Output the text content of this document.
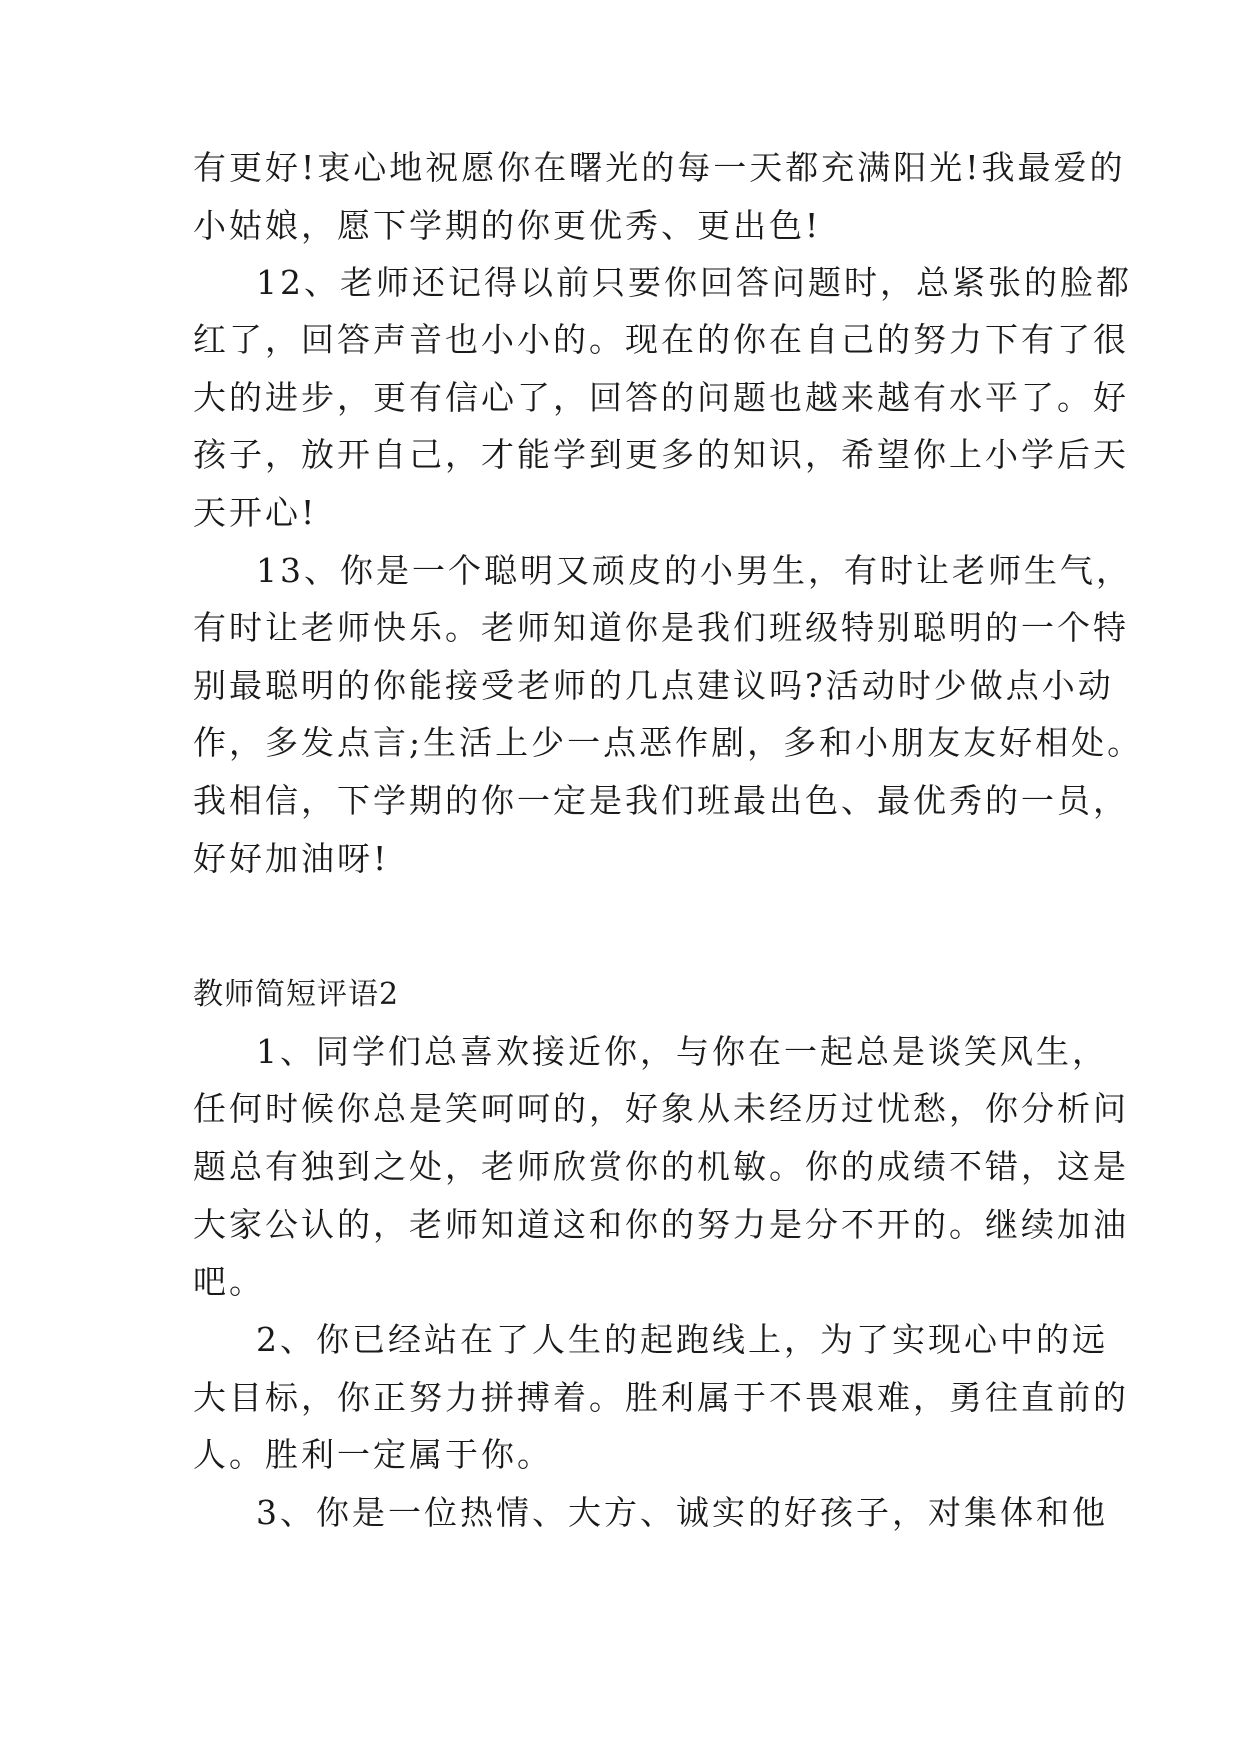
有更好!衷心地祝愿你在曙光的每一天都充满阳光!我最爱的
小姑娘，愿下学期的你更优秀、更出色!
12、老师还记得以前只要你回答问题时，总紧张的脸都
红了，回答声音也小小的。现在的你在自己的努力下有了很
大的进步，更有信心了，回答的问题也越来越有水平了。好
孩子，放开自己，才能学到更多的知识，希望你上小学后天
天开心!
13、你是一个聪明又顽皮的小男生，有时让老师生气，
有时让老师快乐。老师知道你是我们班级特别聪明的一个特
别最聪明的你能接受老师的几点建议吗?活动时少做点小动
作，多发点言;生活上少一点恶作剧，多和小朋友友好相处。
我相信，下学期的你一定是我们班最出色、最优秀的一员，
好好加油呀!
教师简短评语2
1、同学们总喜欢接近你，与你在一起总是谈笑风生，
任何时候你总是笑呵呵的，好象从未经历过忧愁，你分析问
题总有独到之处，老师欣赏你的机敏。你的成绩不错，这是
大家公认的，老师知道这和你的努力是分不开的。继续加油
吧。
2、你已经站在了人生的起跑线上，为了实现心中的远
大目标，你正努力拼搏着。胜利属于不畏艰难，勇往直前的
人。胜利一定属于你。
3、你是一位热情、大方、诚实的好孩子，对集体和他
